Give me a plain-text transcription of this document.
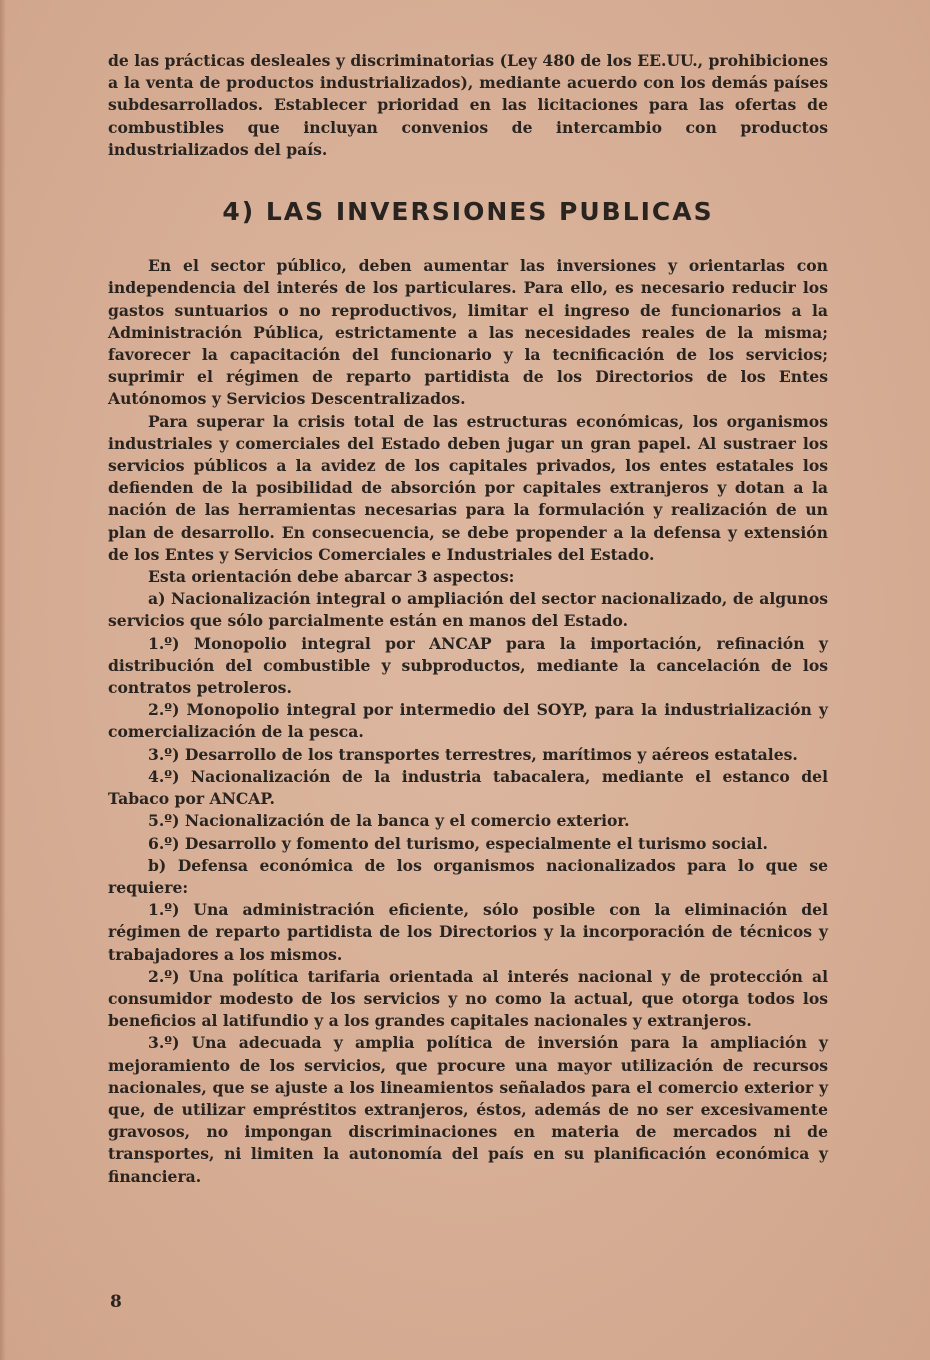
de las prácticas desleales y discriminatorias (Ley 480 de los EE.UU., prohibiciones a la venta de productos industrializados), mediante acuerdo con los demás países subdesarrollados. Establecer prioridad en las licitaciones para las ofertas de combustibles que incluyan convenios de intercambio con productos industrializados del país.

4) LAS INVERSIONES PUBLICAS

En el sector público, deben aumentar las inversiones y orientarlas con independencia del interés de los particulares. Para ello, es necesario reducir los gastos suntuarios o no reproductivos, limitar el ingreso de funcionarios a la Administración Pública, estrictamente a las necesidades reales de la misma; favorecer la capacitación del funcionario y la tecnificación de los servicios; suprimir el régimen de reparto partidista de los Directorios de los Entes Autónomos y Servicios Descentralizados.

Para superar la crisis total de las estructuras económicas, los organismos industriales y comerciales del Estado deben jugar un gran papel. Al sustraer los servicios públicos a la avidez de los capitales privados, los entes estatales los defienden de la posibilidad de absorción por capitales extranjeros y dotan a la nación de las herramientas necesarias para la formulación y realización de un plan de desarrollo. En consecuencia, se debe propender a la defensa y extensión de los Entes y Servicios Comerciales e Industriales del Estado.

Esta orientación debe abarcar 3 aspectos:

a) Nacionalización integral o ampliación del sector nacionalizado, de algunos servicios que sólo parcialmente están en manos del Estado.

1.º) Monopolio integral por ANCAP para la importación, refinación y distribución del combustible y subproductos, mediante la cancelación de los contratos petroleros.

2.º) Monopolio integral por intermedio del SOYP, para la industrialización y comercialización de la pesca.

3.º) Desarrollo de los transportes terrestres, marítimos y aéreos estatales.

4.º) Nacionalización de la industria tabacalera, mediante el estanco del Tabaco por ANCAP.

5.º) Nacionalización de la banca y el comercio exterior.

6.º) Desarrollo y fomento del turismo, especialmente el turismo social.

b) Defensa económica de los organismos nacionalizados para lo que se requiere:

1.º) Una administración eficiente, sólo posible con la eliminación del régimen de reparto partidista de los Directorios y la incorporación de técnicos y trabajadores a los mismos.

2.º) Una política tarifaria orientada al interés nacional y de protección al consumidor modesto de los servicios y no como la actual, que otorga todos los beneficios al latifundio y a los grandes capitales nacionales y extranjeros.

3.º) Una adecuada y amplia política de inversión para la ampliación y mejoramiento de los servicios, que procure una mayor utilización de recursos nacionales, que se ajuste a los lineamientos señalados para el comercio exterior y que, de utilizar empréstitos extranjeros, éstos, además de no ser excesivamente gravosos, no impongan discriminaciones en materia de mercados ni de transportes, ni limiten la autonomía del país en su planificación económica y financiera.

8
